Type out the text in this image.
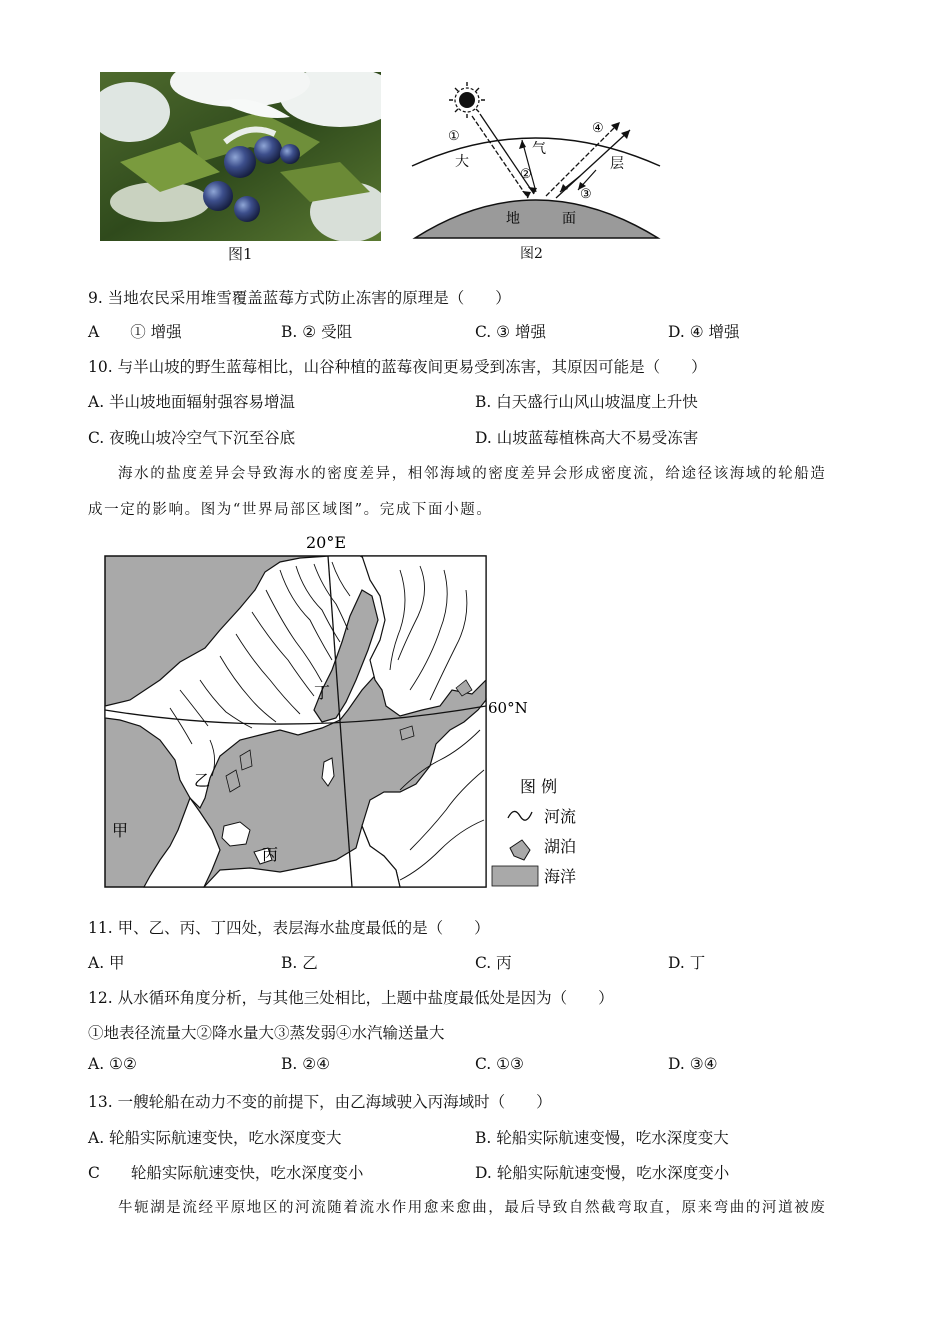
图1
①
④
②
③
大
气
层
地	面
图2
9. 当地农民采用堆雪覆盖蓝莓方式防止冻害的原理是（　　）
A　　① 增强	B. ② 受阻	C. ③ 增强	D. ④ 增强
10. 与半山坡的野生蓝莓相比，山谷种植的蓝莓夜间更易受到冻害，其原因可能是（　　）
A. 半山坡地面辐射强容易增温	B. 白天盛行山风山坡温度上升快
C. 夜晚山坡冷空气下沉至谷底	D. 山坡蓝莓植株高大不易受冻害
海水的盐度差异会导致海水的密度差异，相邻海域的密度差异会形成密度流，给途径该海域的轮船造
成一定的影响。图为“世界局部区域图”。完成下面小题。
20°E
60°N
甲
乙
丙
丁
图 例
河流
湖泊
海洋
11. 甲、乙、丙、丁四处，表层海水盐度最低的是（　　）
A. 甲	B. 乙	C. 丙	D. 丁
12. 从水循环角度分析，与其他三处相比，上题中盐度最低处是因为（　　）
①地表径流量大②降水量大③蒸发弱④水汽输送量大
A. ①②	B. ②④	C. ①③	D. ③④
13. 一艘轮船在动力不变的前提下，由乙海域驶入丙海域时（　　）
A. 轮船实际航速变快，吃水深度变大	B. 轮船实际航速变慢，吃水深度变大
C　　轮船实际航速变快，吃水深度变小	D. 轮船实际航速变慢，吃水深度变小
牛轭湖是流经平原地区的河流随着流水作用愈来愈曲，最后导致自然截弯取直，原来弯曲的河道被废
